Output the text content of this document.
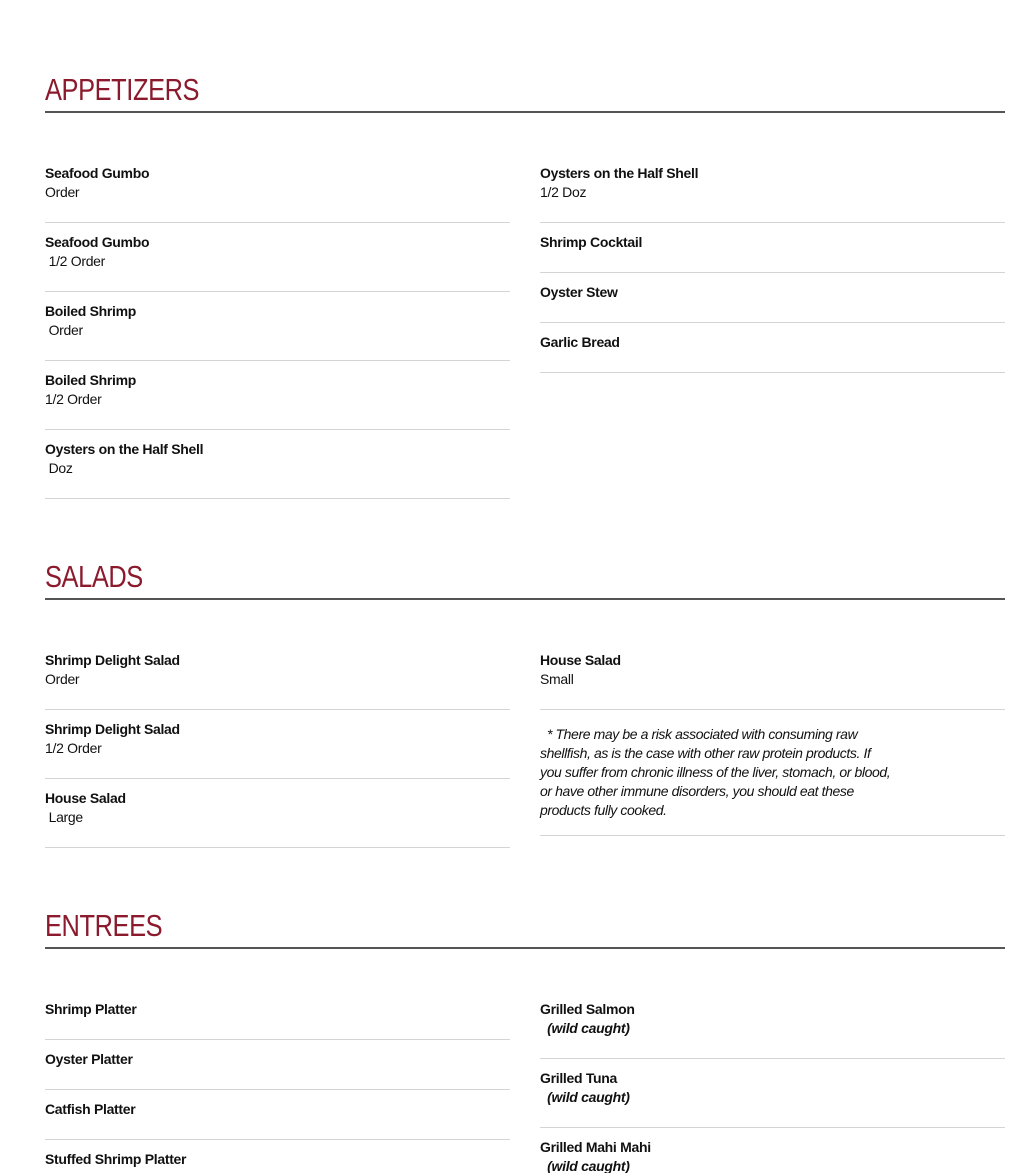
APPETIZERS
Seafood Gumbo
Order
Seafood Gumbo
1/2 Order
Boiled Shrimp
Order
Boiled Shrimp
1/2 Order
Oysters on the Half Shell
Doz
Oysters on the Half Shell
1/2 Doz
Shrimp Cocktail
Oyster Stew
Garlic Bread
SALADS
Shrimp Delight Salad
Order
Shrimp Delight Salad
1/2 Order
House Salad
Large
House Salad
Small
* There may be a risk associated with consuming raw shellfish, as is the case with other raw protein products. If you suffer from chronic illness of the liver, stomach, or blood, or have other immune disorders, you should eat these products fully cooked.
ENTREES
Shrimp Platter
Oyster Platter
Catfish Platter
Stuffed Shrimp Platter
Grilled Salmon
(wild caught)
Grilled Tuna
(wild caught)
Grilled Mahi Mahi
(wild caught)
